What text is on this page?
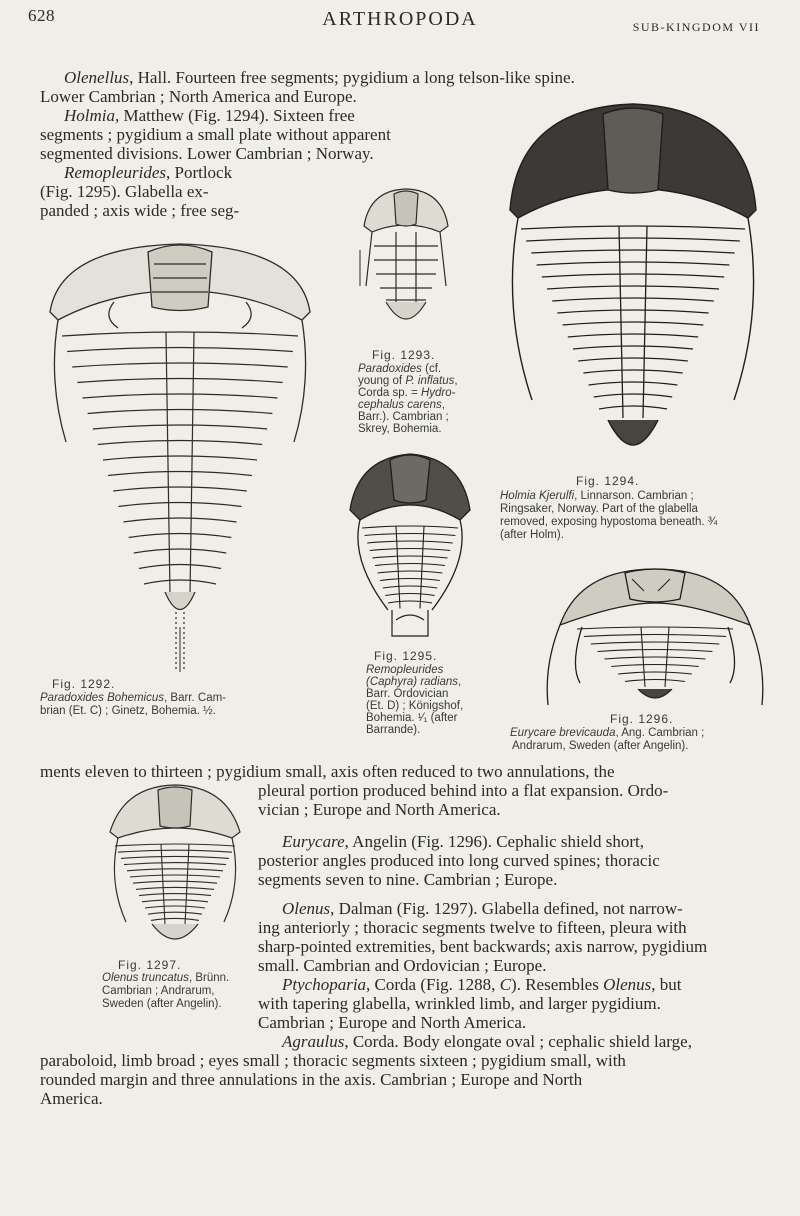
628	ARTHROPODA	SUB-KINGDOM VII
Olenellus, Hall. Fourteen free segments; pygidium a long telson-like spine.
Lower Cambrian ; North America and Europe.
Holmia, Matthew (Fig. 1294). Sixteen free
segments ; pygidium a small plate without apparent
segmented divisions. Lower Cambrian ; Norway.
Remopleurides, Portlock
(Fig. 1295). Glabella ex-
panded ; axis wide ; free seg-
Fig. 1292.
Paradoxides Bohemicus, Barr. Cam-
brian (Et. C) ; Ginetz, Bohemia. ½.
Fig. 1293.
Paradoxides (cf.
young of P. inflatus,
Corda sp. = Hydro-
cephalus carens,
Barr.). Cambrian ;
Skrey, Bohemia.
Fig. 1294.
Holmia Kjerulfi, Linnarson. Cambrian ;
Ringsaker, Norway. Part of the glabella
removed, exposing hypostoma beneath. ¾
(after Holm).
Fig. 1295.
Remopleurides
(Caphyra) radians,
Barr. Ordovician
(Et. D) ; Königshof,
Bohemia. ¹⁄₁ (after
Barrande).
Fig. 1296.
Eurycare brevicauda, Ang. Cambrian ;
Andrarum, Sweden (after Angelin).
ments eleven to thirteen ; pygidium small, axis often reduced to two annulations, the
pleural portion produced behind into a flat expansion. Ordo-
vician ; Europe and North America.
Fig. 1297.
Olenus truncatus, Brünn.
Cambrian ; Andrarum,
Sweden (after Angelin).
Eurycare, Angelin (Fig. 1296). Cephalic shield short,
posterior angles produced into long curved spines; thoracic
segments seven to nine. Cambrian ; Europe.
Olenus, Dalman (Fig. 1297). Glabella defined, not narrow-
ing anteriorly ; thoracic segments twelve to fifteen, pleura with
sharp-pointed extremities, bent backwards; axis narrow, pygidium
small. Cambrian and Ordovician ; Europe.
Ptychoparia, Corda (Fig. 1288, C). Resembles Olenus, but
with tapering glabella, wrinkled limb, and larger pygidium.
Cambrian ; Europe and North America.
Agraulus, Corda. Body elongate oval ; cephalic shield large,
paraboloid, limb broad ; eyes small ; thoracic segments sixteen ; pygidium small, with
rounded margin and three annulations in the axis. Cambrian ; Europe and North
America.
